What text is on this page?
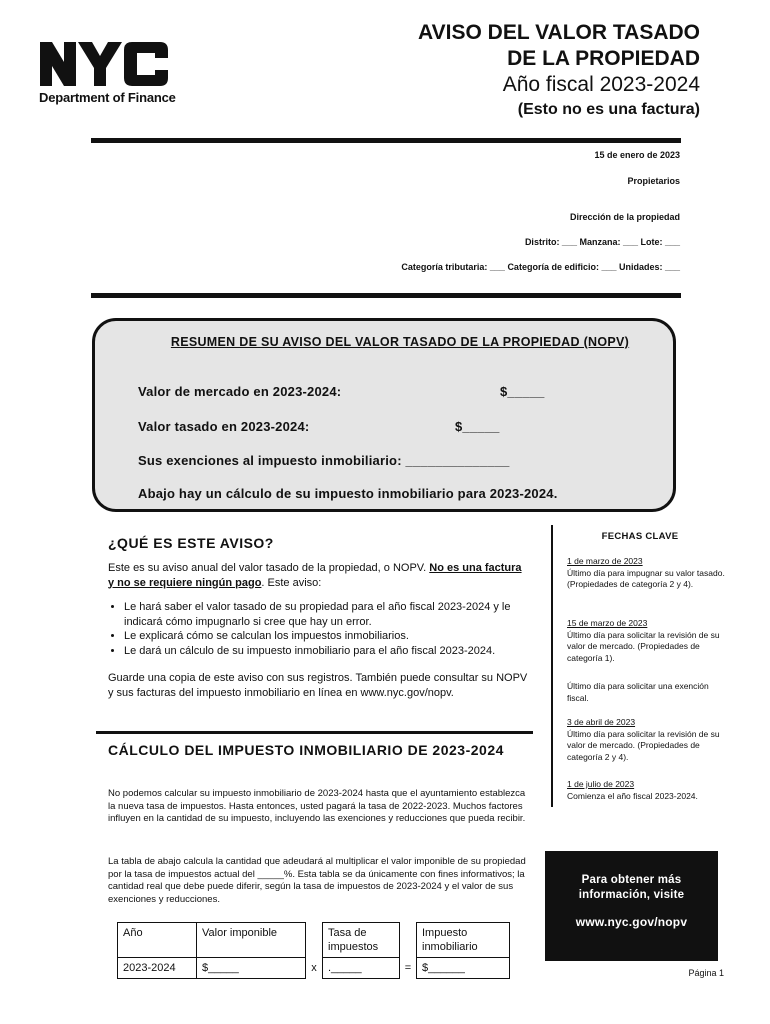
Department of Finance
AVISO DEL VALOR TASADO
DE LA PROPIEDAD
Año fiscal 2023-2024
(Esto no es una factura)
15 de enero de 2023
Propietarios
Dirección de la propiedad
Distrito: ___ Manzana: ___ Lote: ___
Categoría tributaria: ___ Categoría de edificio: ___ Unidades: ___
RESUMEN DE SU AVISO DEL VALOR TASADO DE LA PROPIEDAD (NOPV)
Valor de mercado en 2023-2024:	$_____
Valor tasado en 2023-2024:	$_____
Sus exenciones al impuesto inmobiliario: ______________
Abajo hay un cálculo de su impuesto inmobiliario para 2023-2024.
¿QUÉ ES ESTE AVISO?
Este es su aviso anual del valor tasado de la propiedad, o NOPV. No es una factura y no se requiere ningún pago. Este aviso:
• Le hará saber el valor tasado de su propiedad para el año fiscal 2023-2024 y le indicará cómo impugnarlo si cree que hay un error.
• Le explicará cómo se calculan los impuestos inmobiliarios.
• Le dará un cálculo de su impuesto inmobiliario para el año fiscal 2023-2024.
Guarde una copia de este aviso con sus registros. También puede consultar su NOPV y sus facturas del impuesto inmobiliario en línea en www.nyc.gov/nopv.
CÁLCULO DEL IMPUESTO INMOBILIARIO DE 2023-2024
No podemos calcular su impuesto inmobiliario de 2023-2024 hasta que el ayuntamiento establezca la nueva tasa de impuestos. Hasta entonces, usted pagará la tasa de 2022-2023. Muchos factores influyen en la cantidad de su impuesto, incluyendo las exenciones y reducciones que pueda recibir.
La tabla de abajo calcula la cantidad que adeudará al multiplicar el valor imponible de su propiedad por la tasa de impuestos actual del _____%. Esta tabla se da únicamente con fines informativos; la cantidad real que debe puede diferir, según la tasa de impuestos de 2023-2024 y el valor de sus exenciones y reducciones.
Año	Valor imponible		Tasa de impuestos		Impuesto inmobiliario
2023-2024	$_____	x	._____	=	$______
FECHAS CLAVE
1 de marzo de 2023
Último día para impugnar su valor tasado. (Propiedades de categoría 2 y 4).
15 de marzo de 2023
Último día para solicitar la revisión de su valor de mercado. (Propiedades de categoría 1).
Último día para solicitar una exención fiscal.
3 de abril de 2023
Último día para solicitar la revisión de su valor de mercado. (Propiedades de categoría 2 y 4).
1 de julio de 2023
Comienza el año fiscal 2023-2024.
Para obtener más información, visite
www.nyc.gov/nopv
Página 1
